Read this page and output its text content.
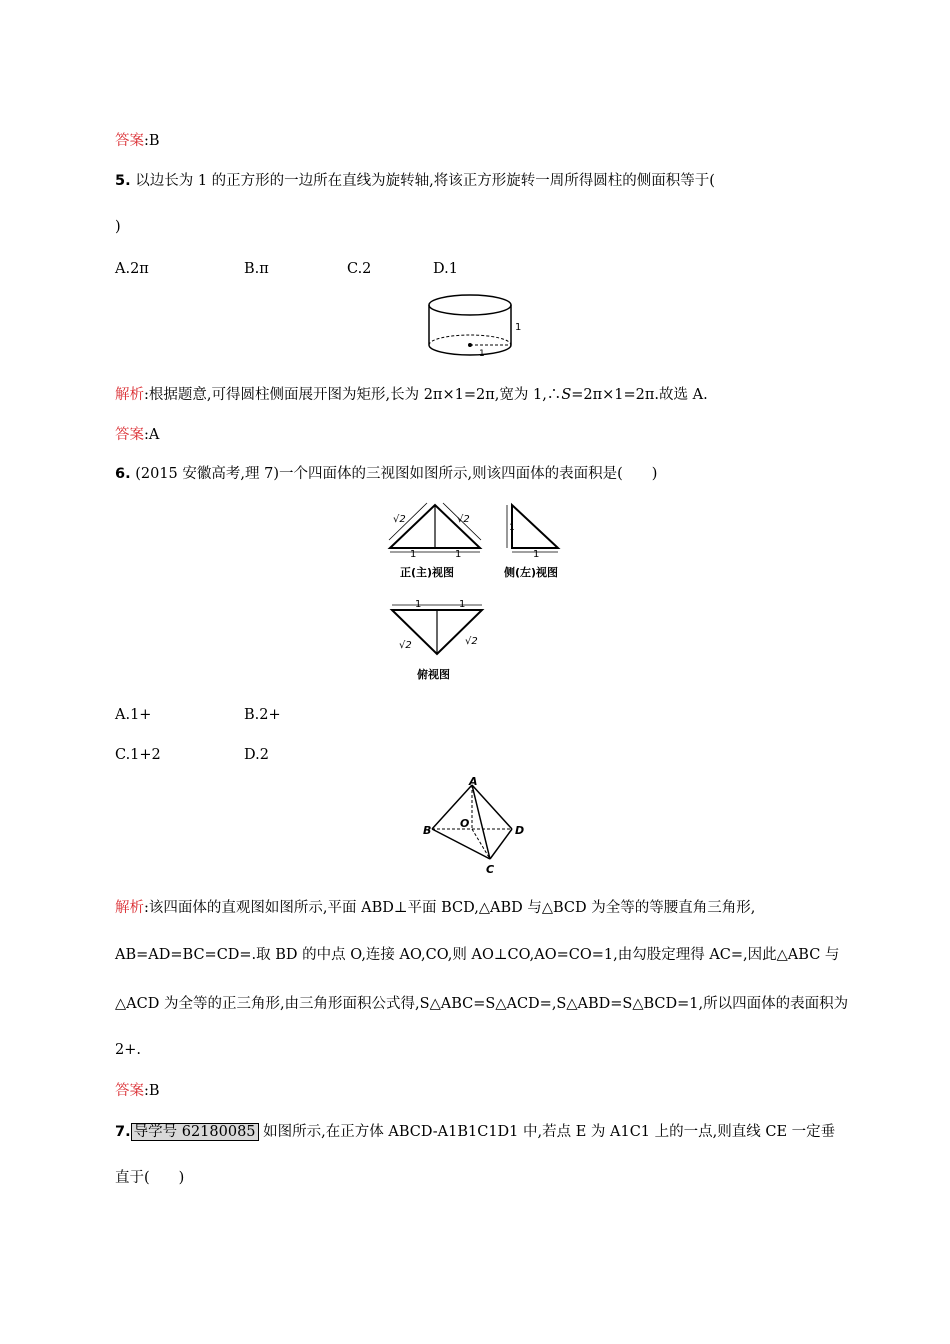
答案:B
5. 以边长为 1 的正方形的一边所在直线为旋转轴,将该正方形旋转一周所得圆柱的侧面积等于(
)
A.2π	B.π	C.2	D.1
1
1
解析:根据题意,可得圆柱侧面展开图为矩形,长为 2π×1=2π,宽为 1,∴S=2π×1=2π.故选 A.
答案:A
6. (2015 安徽高考,理 7)一个四面体的三视图如图所示,则该四面体的表面积是(　　)
√2	√2
1	1
正(主)视图
1
1
侧(左)视图
1	1
√2	√2
俯视图
A.1+	B.2+
C.1+2	D.2
A
B	D
C
O
解析:该四面体的直观图如图所示,平面 ABD⊥平面 BCD,△ABD 与△BCD 为全等的等腰直角三角形,
AB=AD=BC=CD=.取 BD 的中点 O,连接 AO,CO,则 AO⊥CO,AO=CO=1,由勾股定理得 AC=,因此△ABC 与
△ACD 为全等的正三角形,由三角形面积公式得,S△ABC=S△ACD=,S△ABD=S△BCD=1,所以四面体的表面积为
2+.
答案:B
7. 导学号 62180085 如图所示,在正方体 ABCD-A1B1C1D1 中,若点 E 为 A1C1 上的一点,则直线 CE 一定垂
直于(　　)
